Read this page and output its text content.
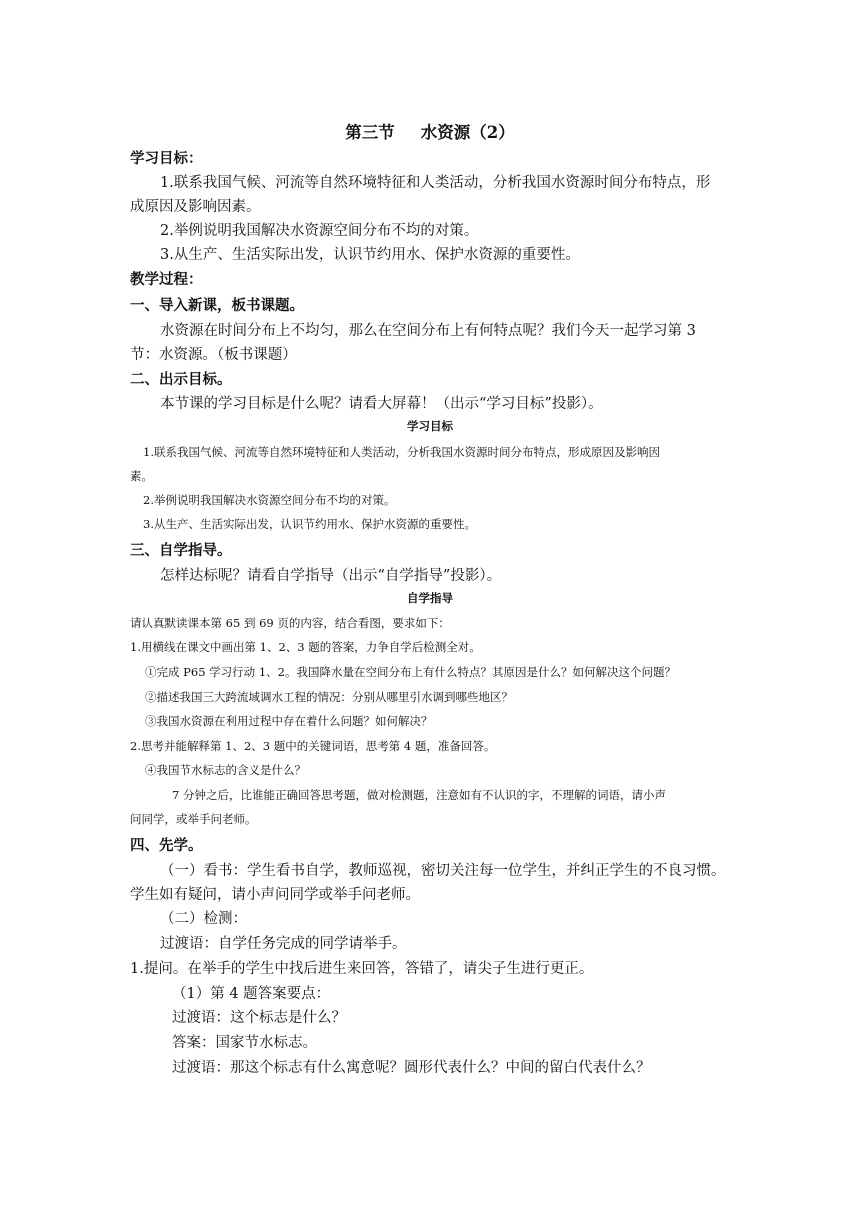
第三节 水资源（2）

学习目标：

1.联系我国气候、河流等自然环境特征和人类活动，分析我国水资源时间分布特点，形

成原因及影响因素。

2.举例说明我国解决水资源空间分布不均的对策。

3.从生产、生活实际出发，认识节约用水、保护水资源的重要性。

教学过程：

一、导入新课，板书课题。

水资源在时间分布上不均匀，那么在空间分布上有何特点呢？我们今天一起学习第 3

节：水资源。（板书课题）

二、出示目标。

本节课的学习目标是什么呢？请看大屏幕！（出示“学习目标”投影）。

学习目标

1.联系我国气候、河流等自然环境特征和人类活动，分析我国水资源时间分布特点，形成原因及影响因

素。

2.举例说明我国解决水资源空间分布不均的对策。

3.从生产、生活实际出发，认识节约用水、保护水资源的重要性。

三、自学指导。

怎样达标呢？请看自学指导（出示“自学指导”投影）。

自学指导

请认真默读课本第 65 到 69 页的内容，结合看图，要求如下：

1.用横线在课文中画出第 1、2、3 题的答案，力争自学后检测全对。

①完成 P65 学习行动 1、2。我国降水量在空间分布上有什么特点？其原因是什么？如何解决这个问题？

②描述我国三大跨流域调水工程的情况：分别从哪里引水调到哪些地区？

③我国水资源在利用过程中存在着什么问题？如何解决？

2.思考并能解释第 1、2、3 题中的关键词语，思考第 4 题，准备回答。

④我国节水标志的含义是什么？

7 分钟之后，比谁能正确回答思考题，做对检测题，注意如有不认识的字，不理解的词语，请小声

问同学，或举手问老师。

四、先学。

（一）看书：学生看书自学，教师巡视，密切关注每一位学生，并纠正学生的不良习惯。

学生如有疑问，请小声问同学或举手问老师。

（二）检测：

过渡语：自学任务完成的同学请举手。

1.提问。在举手的学生中找后进生来回答，答错了，请尖子生进行更正。

（1）第 4 题答案要点：

过渡语：这个标志是什么？

答案：国家节水标志。

过渡语：那这个标志有什么寓意呢？圆形代表什么？中间的留白代表什么？
